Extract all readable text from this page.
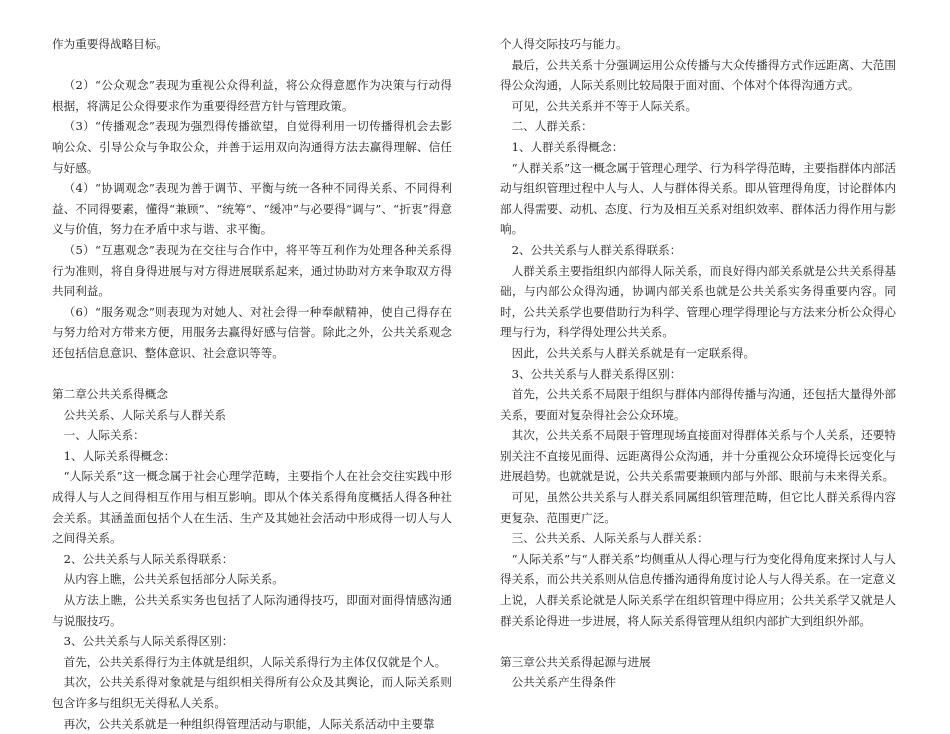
作为重要得战略目标。

（2）“公众观念”表现为重视公众得利益，将公众得意愿作为决策与行动得根据，将满足公众得要求作为重要得经营方针与管理政策。

（3）“传播观念”表现为强烈得传播欲望，自觉得利用一切传播得机会去影响公众、引导公众与争取公众，并善于运用双向沟通得方法去赢得理解、信任与好感。

（4）“协调观念”表现为善于调节、平衡与统一各种不同得关系、不同得利益、不同得要素，懂得“兼顾”、“统筹”、“缓冲”与必要得“调与”、“折衷”得意义与价值，努力在矛盾中求与谐、求平衡。

（5）“互惠观念”表现为在交往与合作中，将平等互利作为处理各种关系得行为准则，将自身得进展与对方得进展联系起来，通过协助对方来争取双方得共同利益。

（6）“服务观念”则表现为对她人、对社会得一种奉献精神，使自己得存在与努力给对方带来方便，用服务去赢得好感与信誉。除此之外，公共关系观念还包括信息意识、整体意识、社会意识等等。

第二章公共关系得概念

公共关系、人际关系与人群关系

一、人际关系：

1、人际关系得概念：

“人际关系”这一概念属于社会心理学范畴，主要指个人在社会交往实践中形成得人与人之间得相互作用与相互影响。即从个体关系得角度概括人得各种社会关系。其涵盖面包括个人在生活、生产及其她社会活动中形成得一切人与人之间得关系。

2、公共关系与人际关系得联系：

从内容上瞧，公共关系包括部分人际关系。

从方法上瞧，公共关系实务也包括了人际沟通得技巧，即面对面得情感沟通与说服技巧。

3、公共关系与人际关系得区别：

首先，公共关系得行为主体就是组织，人际关系得行为主体仅仅就是个人。

其次，公共关系得对象就是与组织相关得所有公众及其舆论，而人际关系则包含许多与组织无关得私人关系。

再次，公共关系就是一种组织得管理活动与职能，人际关系活动中主要靠

个人得交际技巧与能力。

最后，公共关系十分强调运用公众传播与大众传播得方式作远距离、大范围得公众沟通，人际关系则比较局限于面对面、个体对个体得沟通方式。

可见，公共关系并不等于人际关系。

二、人群关系：

1、人群关系得概念：

“人群关系”这一概念属于管理心理学、行为科学得范畴，主要指群体内部活动与组织管理过程中人与人、人与群体得关系。即从管理得角度，讨论群体内部人得需要、动机、态度、行为及相互关系对组织效率、群体活力得作用与影响。

2、公共关系与人群关系得联系：

人群关系主要指组织内部得人际关系，而良好得内部关系就是公共关系得基础，与内部公众得沟通，协调内部关系也就是公共关系实务得重要内容。同时，公共关系学也要借助行为科学、管理心理学得理论与方法来分析公众得心理与行为，科学得处理公共关系。

因此，公共关系与人群关系就是有一定联系得。

3、公共关系与人群关系得区别：

首先，公共关系不局限于组织与群体内部得传播与沟通，还包括大量得外部关系，要面对复杂得社会公众环境。

其次，公共关系不局限于管理现场直接面对得群体关系与个人关系，还要特别关注不直接见面得、远距离得公众沟通，并十分重视公众环境得长远变化与进展趋势。也就就是说，公共关系需要兼顾内部与外部、眼前与未来得关系。

可见，虽然公共关系与人群关系同属组织管理范畴，但它比人群关系得内容更复杂、范围更广泛。

三、公共关系、人际关系与人群关系：

“人际关系”与“人群关系”均侧重从人得心理与行为变化得角度来探讨人与人得关系，而公共关系则从信息传播沟通得角度讨论人与人得关系。在一定意义上说，人群关系论就是人际关系学在组织管理中得应用；公共关系学又就是人群关系论得进一步进展，将人际关系得管理从组织内部扩大到组织外部。

第三章公共关系得起源与进展

公共关系产生得条件
